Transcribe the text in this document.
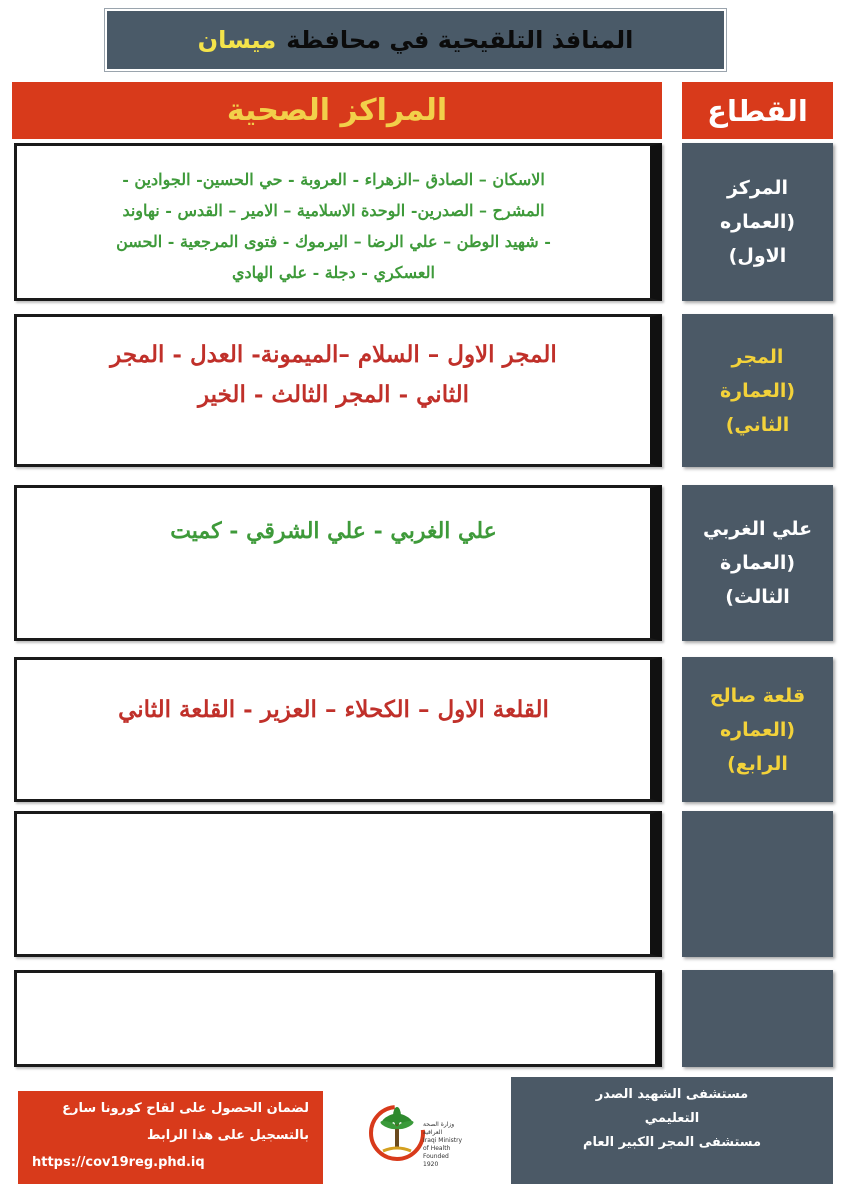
المنافذ التلقيحية في محافظة
ميسان
المراكز الصحية	القطاع
الاسكان – الصادق –الزهراء - العروبة - حي الحسين- الجوادين -
المشرح – الصدرين- الوحدة الاسلامية – الامير – القدس - نهاوند
- شهيد الوطن – علي الرضا – اليرموك - فتوى المرجعية - الحسن
العسكري - دجلة - علي الهادي
المركز
(العماره
الاول)
المجر الاول – السلام –الميمونة- العدل - المجر
الثاني - المجر الثالث - الخير
المجر
(العمارة
الثاني)
علي الغربي - علي الشرقي - كميت	علي الغربي
(العمارة
الثالث)
القلعة الاول – الكحلاء – العزير - القلعة الثاني
قلعة صالح
(العماره
الرابع)
لضمان الحصول على لقاح كورونا سارع
بالتسجيل على هذا الرابط
https://cov19reg.phd.iq
وزارة الصحة العراقية
Iraqi Ministry of Health
Founded 1920
مستشفى الشهيد الصدر
التعليمي
مستشفى المجر الكبير العام
